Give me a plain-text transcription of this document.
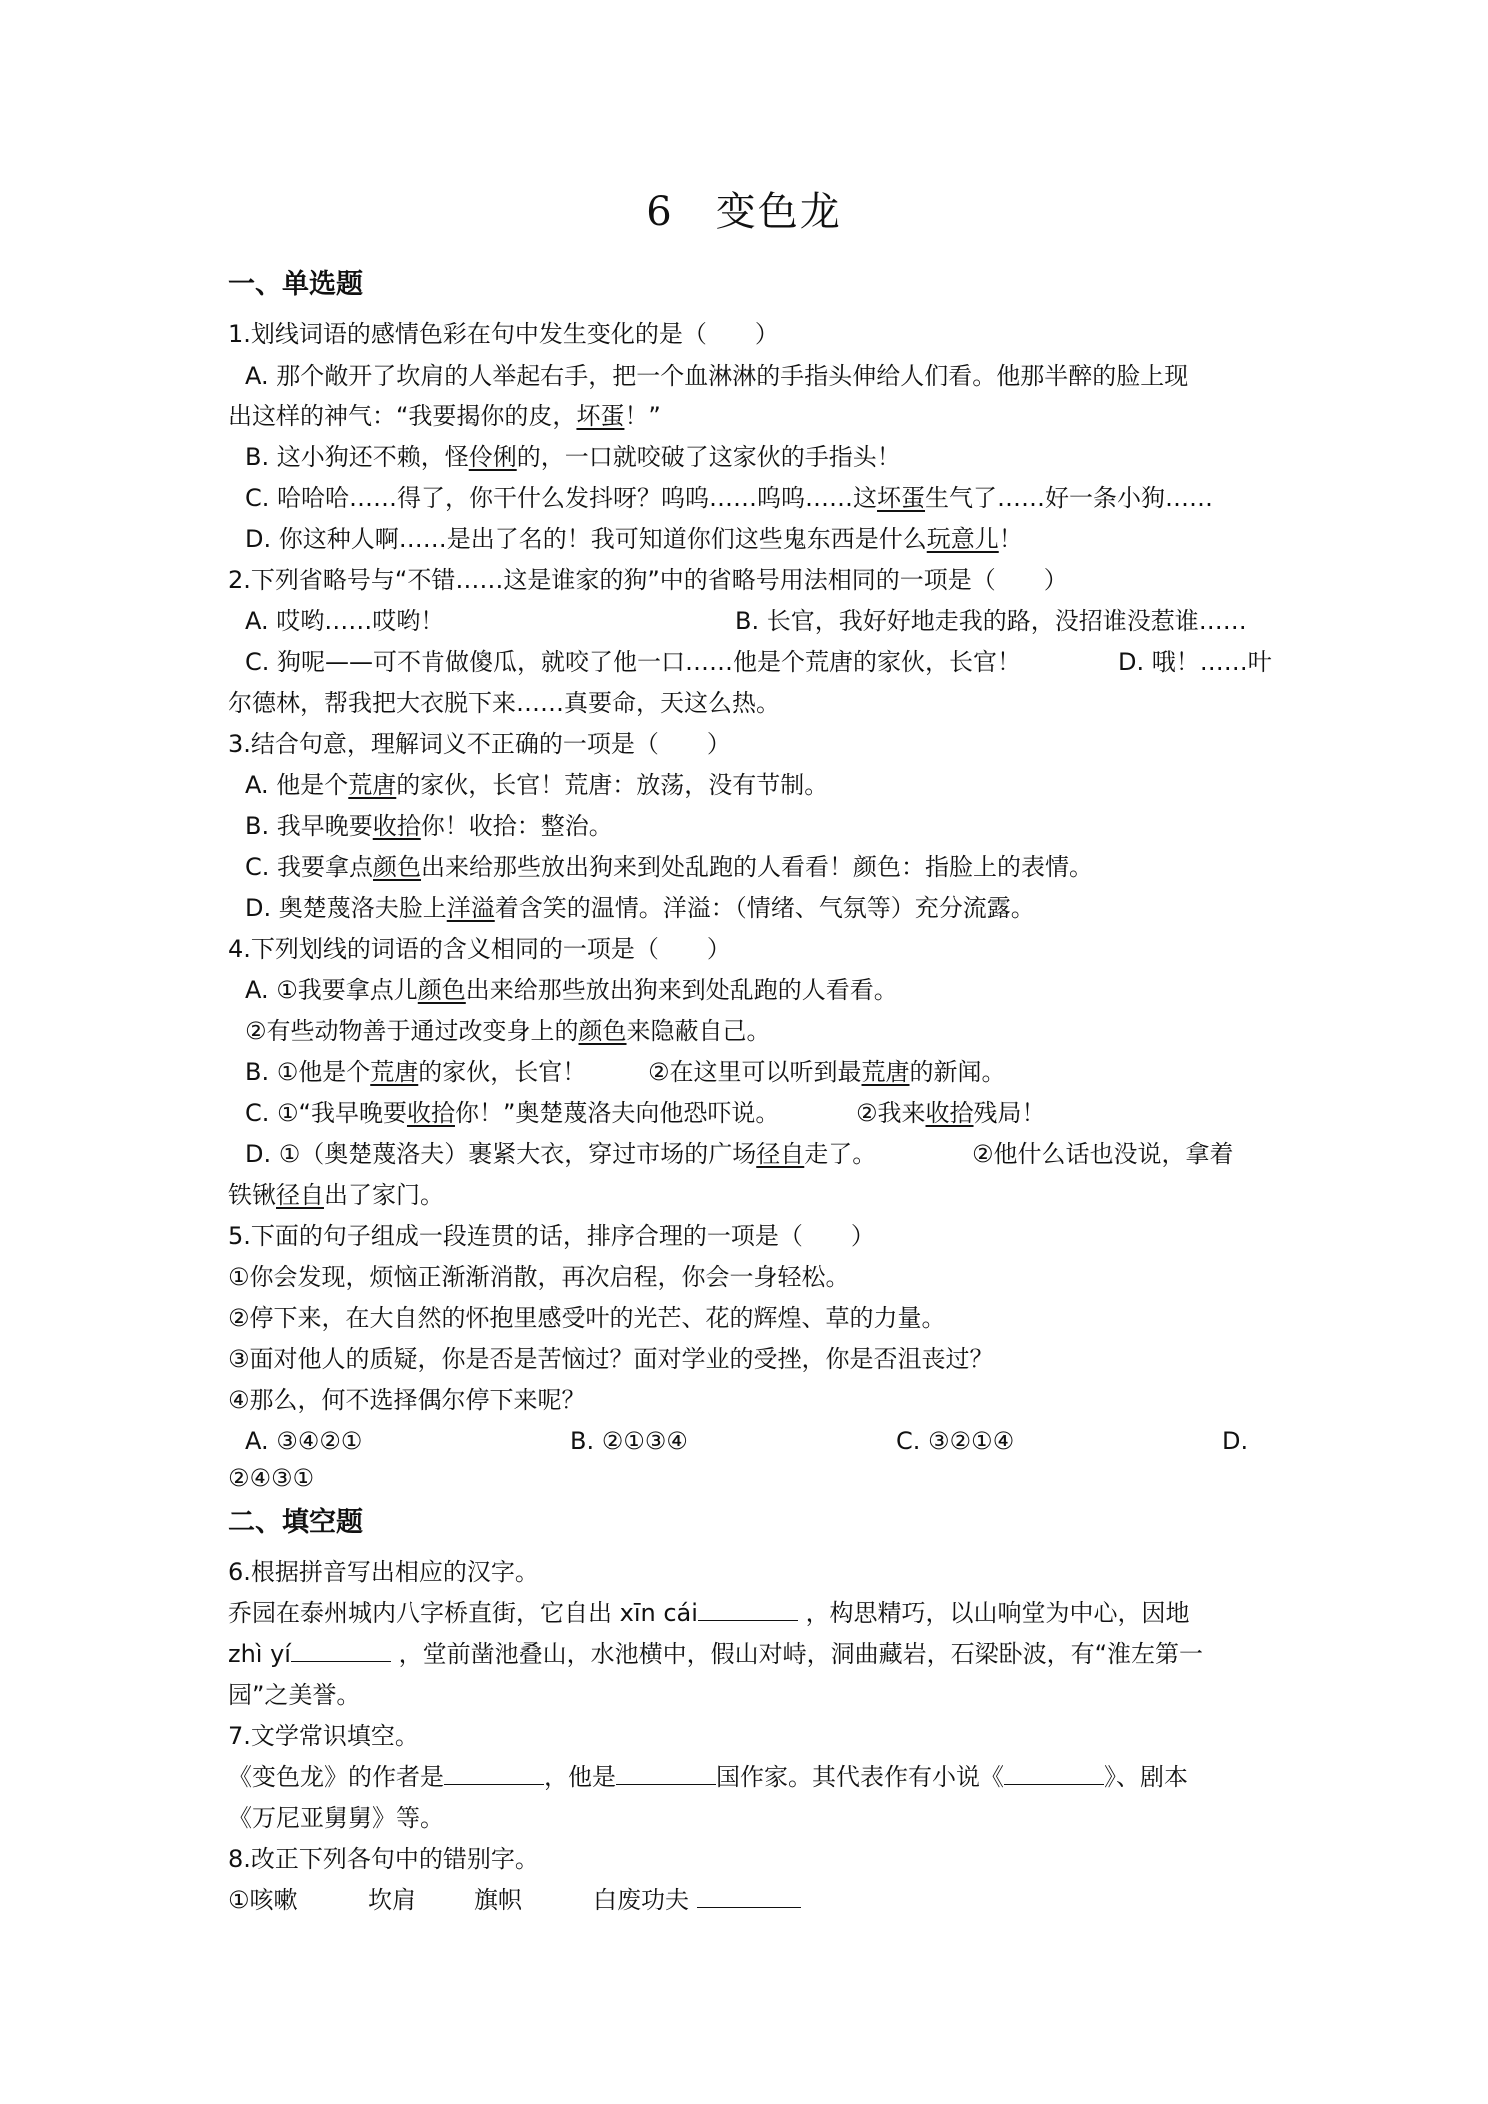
6　变色龙
一、单选题
1.划线词语的感情色彩在句中发生变化的是（　　）
A. 那个敞开了坎肩的人举起右手，把一个血淋淋的手指头伸给人们看。他那半醉的脸上现
出这样的神气：“我要揭你的皮，坏蛋！”
B. 这小狗还不赖，怪伶俐的，一口就咬破了这家伙的手指头！
C. 哈哈哈……得了，你干什么发抖呀？呜呜……呜呜……这坏蛋生气了……好一条小狗……
D. 你这种人啊……是出了名的！我可知道你们这些鬼东西是什么玩意儿！
2.下列省略号与“不错……这是谁家的狗”中的省略号用法相同的一项是（　　）
A. 哎哟……哎哟！	B. 长官，我好好地走我的路，没招谁没惹谁……
C. 狗呢——可不肯做傻瓜，就咬了他一口……他是个荒唐的家伙，长官！	D. 哦！……叶
尔德林，帮我把大衣脱下来……真要命，天这么热。
3.结合句意，理解词义不正确的一项是（　　）
A. 他是个荒唐的家伙，长官！荒唐：放荡，没有节制。
B. 我早晚要收拾你！收拾：整治。
C. 我要拿点颜色出来给那些放出狗来到处乱跑的人看看！颜色：指脸上的表情。
D. 奥楚蔑洛夫脸上洋溢着含笑的温情。洋溢：（情绪、气氛等）充分流露。
4.下列划线的词语的含义相同的一项是（　　）
A. ①我要拿点儿颜色出来给那些放出狗来到处乱跑的人看看。
②有些动物善于通过改变身上的颜色来隐蔽自己。
B. ①他是个荒唐的家伙，长官！	②在这里可以听到最荒唐的新闻。
C. ①“我早晚要收拾你！”奥楚蔑洛夫向他恐吓说。	②我来收拾残局！
D. ①（奥楚蔑洛夫）裹紧大衣，穿过市场的广场径自走了。	②他什么话也没说，拿着
铁锹径自出了家门。
5.下面的句子组成一段连贯的话，排序合理的一项是（　　）
①你会发现，烦恼正渐渐消散，再次启程，你会一身轻松。
②停下来，在大自然的怀抱里感受叶的光芒、花的辉煌、草的力量。
③面对他人的质疑，你是否是苦恼过？面对学业的受挫，你是否沮丧过？
④那么，何不选择偶尔停下来呢？
A. ③④②①	B. ②①③④	C. ③②①④	D.
②④③①
二、填空题
6.根据拼音写出相应的汉字。
乔园在泰州城内八字桥直街，它自出 xīn cái	，构思精巧，以山响堂为中心，因地
zhì yí	，堂前凿池叠山，水池横中，假山对峙，洞曲藏岩，石梁卧波，有“淮左第一
园”之美誉。
7.文学常识填空。
《变色龙》的作者是	，他是	国作家。其代表作有小说《	》、剧本
《万尼亚舅舅》等。
8.改正下列各句中的错别字。
①咳嗽	坎肩 旗帜	白废功夫
